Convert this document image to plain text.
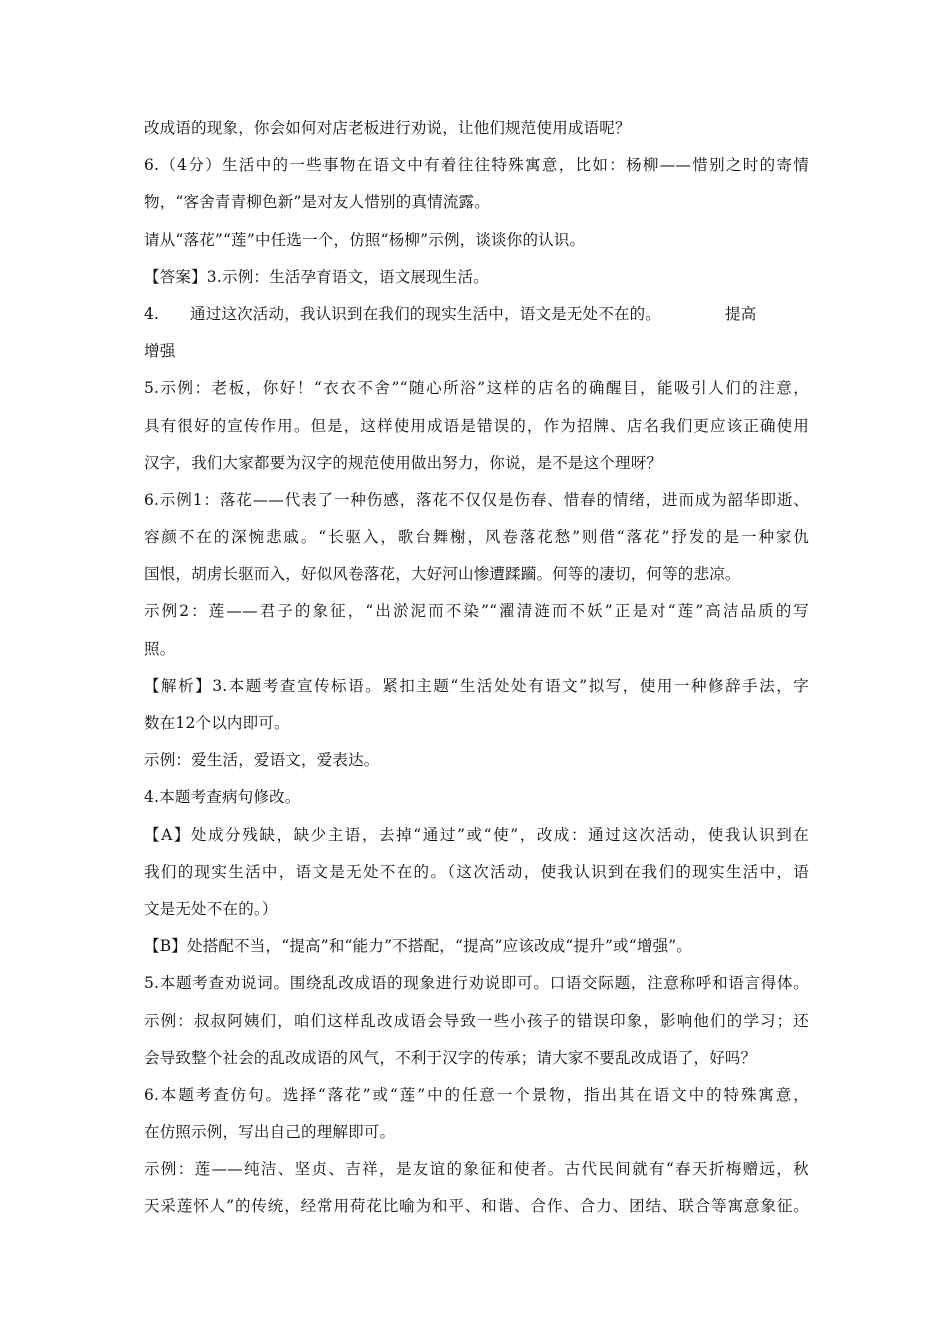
改成语的现象，你会如何对店老板进行劝说，让他们规范使用成语呢？
6.（4分）生活中的一些事物在语文中有着往往特殊寓意，比如：杨柳——惜别之时的寄情
物，“客舍青青柳色新”是对友人惜别的真情流露。
请从“落花”“莲”中任选一个，仿照“杨柳”示例，谈谈你的认识。
【答案】3.示例：生活孕育语文，语文展现生活。
4. 通过这次活动，我认识到在我们的现实生活中，语文是无处不在的。	提高
增强
5.示例：老板，你好！“衣衣不舍”“随心所浴”这样的店名的确醒目，能吸引人们的注意，
具有很好的宣传作用。但是，这样使用成语是错误的，作为招牌、店名我们更应该正确使用
汉字，我们大家都要为汉字的规范使用做出努力，你说，是不是这个理呀？
6.示例1：落花——代表了一种伤感，落花不仅仅是伤春、惜春的情绪，进而成为韶华即逝、
容颜不在的深惋悲戚。“长驱入，歌台舞榭，风卷落花愁”则借“落花”抒发的是一种家仇
国恨，胡虏长驱而入，好似风卷落花，大好河山惨遭蹂躏。何等的凄切，何等的悲凉。
示例2：莲——君子的象征，“出淤泥而不染”“濯清涟而不妖”正是对“莲”高洁品质的写
照。
【解析】3.本题考查宣传标语。紧扣主题“生活处处有语文”拟写，使用一种修辞手法，字
数在12个以内即可。
示例：爱生活，爱语文，爱表达。
4.本题考查病句修改。
【A】处成分残缺，缺少主语，去掉“通过”或“使”，改成：通过这次活动，使我认识到在
我们的现实生活中，语文是无处不在的。（这次活动，使我认识到在我们的现实生活中，语
文是无处不在的。）
【B】处搭配不当，“提高”和“能力”不搭配，“提高”应该改成“提升”或“增强”。
5.本题考查劝说词。围绕乱改成语的现象进行劝说即可。口语交际题，注意称呼和语言得体。
示例：叔叔阿姨们，咱们这样乱改成语会导致一些小孩子的错误印象，影响他们的学习；还
会导致整个社会的乱改成语的风气，不利于汉字的传承；请大家不要乱改成语了，好吗？
6.本题考查仿句。选择“落花”或“莲”中的任意一个景物，指出其在语文中的特殊寓意，
在仿照示例，写出自己的理解即可。
示例：莲——纯洁、坚贞、吉祥，是友谊的象征和使者。古代民间就有“春天折梅赠远，秋
天采莲怀人”的传统，经常用荷花比喻为和平、和谐、合作、合力、团结、联合等寓意象征。
